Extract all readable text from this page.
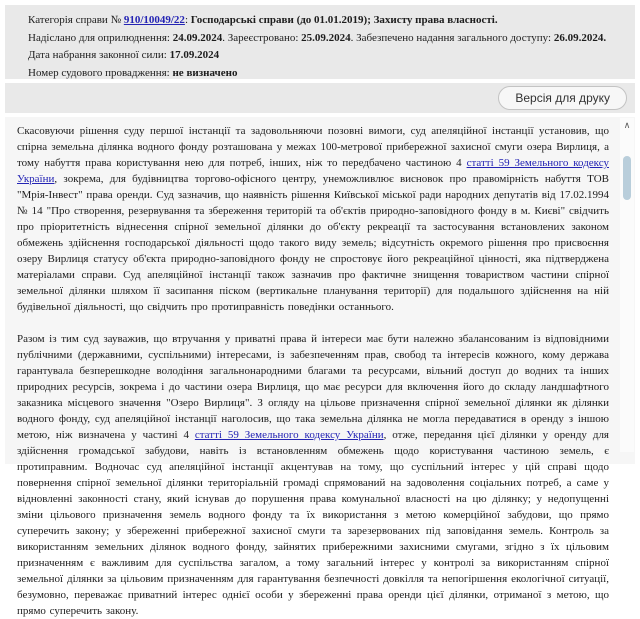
Категорія справи № 910/10049/22: Господарські справи (до 01.01.2019); Захисту права власності.
Надіслано для оприлюднення: 24.09.2024. Зареєстровано: 25.09.2024. Забезпечено надання загального доступу: 26.09.2024.
Дата набрання законної сили: 17.09.2024
Номер судового провадження: не визначено
Версія для друку

Скасовуючи рішення суду першої інстанції та задовольняючи позовні вимоги, суд апеляційної інстанції установив, що спірна земельна ділянка водного фонду розташована у межах 100-метрової прибережної захисної смуги озера Вирлиця, а тому набуття права користування нею для потреб, інших, ніж то передбачено частиною 4 статті 59 Земельного кодексу України, зокрема, для будівництва торгово-офісного центру, унеможливлює висновок про правомірність набуття ТОВ "Мрія-Інвест" права оренди. Суд зазначив, що наявність рішення Київської міської ради народних депутатів від 17.02.1994 № 14 "Про створення, резервування та збереження територій та об'єктів природно-заповідного фонду в м. Києві" свідчить про пріоритетність віднесення спірної земельної ділянки до об'єкту рекреації та застосування встановлених законом обмежень здійснення господарської діяльності щодо такого виду земель; відсутність окремого рішення про присвоєння озеру Вирлиця статусу об'єкта природно-заповідного фонду не спростовує його рекреаційної цінності, яка підтверджена матеріалами справи. Суд апеляційної інстанції також зазначив про фактичне знищення товариством частини спірної земельної ділянки шляхом її засипання піском (вертикальне планування території) для подальшого здійснення на ній будівельної діяльності, що свідчить про протиправність поведінки останнього.

Разом із тим суд зауважив, що втручання у приватні права й інтереси має бути належно збалансованим із відповідними публічними (державними, суспільними) інтересами, із забезпеченням прав, свобод та інтересів кожного, кому держава гарантувала безперешкодне володіння загальнонародними благами та ресурсами, вільний доступ до водних та інших природних ресурсів, зокрема і до частини озера Вирлиця, що має ресурси для включення його до складу ландшафтного заказника місцевого значення "Озеро Вирлиця". З огляду на цільове призначення спірної земельної ділянки як ділянки водного фонду, суд апеляційної інстанції наголосив, що така земельна ділянка не могла передаватися в оренду з іншою метою, ніж визначена у частині 4 статті 59 Земельного кодексу України, отже, передання цієї ділянки у оренду для здійснення громадської забудови, навіть із встановленням обмежень щодо користування частиною земель, є протиправним. Водночас суд апеляційної інстанції акцентував на тому, що суспільний інтерес у цій справі щодо повернення спірної земельної ділянки територіальній громаді спрямований на задоволення соціальних потреб, а саме у відновленні законності стану, який існував до порушення права комунальної власності на цю ділянку; у недопущенні зміни цільового призначення земель водного фонду та їх використання з метою комерційної забудови, що прямо суперечить закону; у збереженні прибережної захисної смуги та зарезервованих під заповідання земель. Контроль за використанням земельних ділянок водного фонду, зайнятих прибережними захисними смугами, згідно з їх цільовим призначенням є важливим для суспільства загалом, а тому загальний інтерес у контролі за використанням спірної земельної ділянки за цільовим призначенням для гарантування безпечності довкілля та непогіршення екологічної ситуації, безумовно, переважає приватний інтерес однієї особи у збереженні права оренди цієї ділянки, отриманої з метою, що прямо суперечить закону.

∧
